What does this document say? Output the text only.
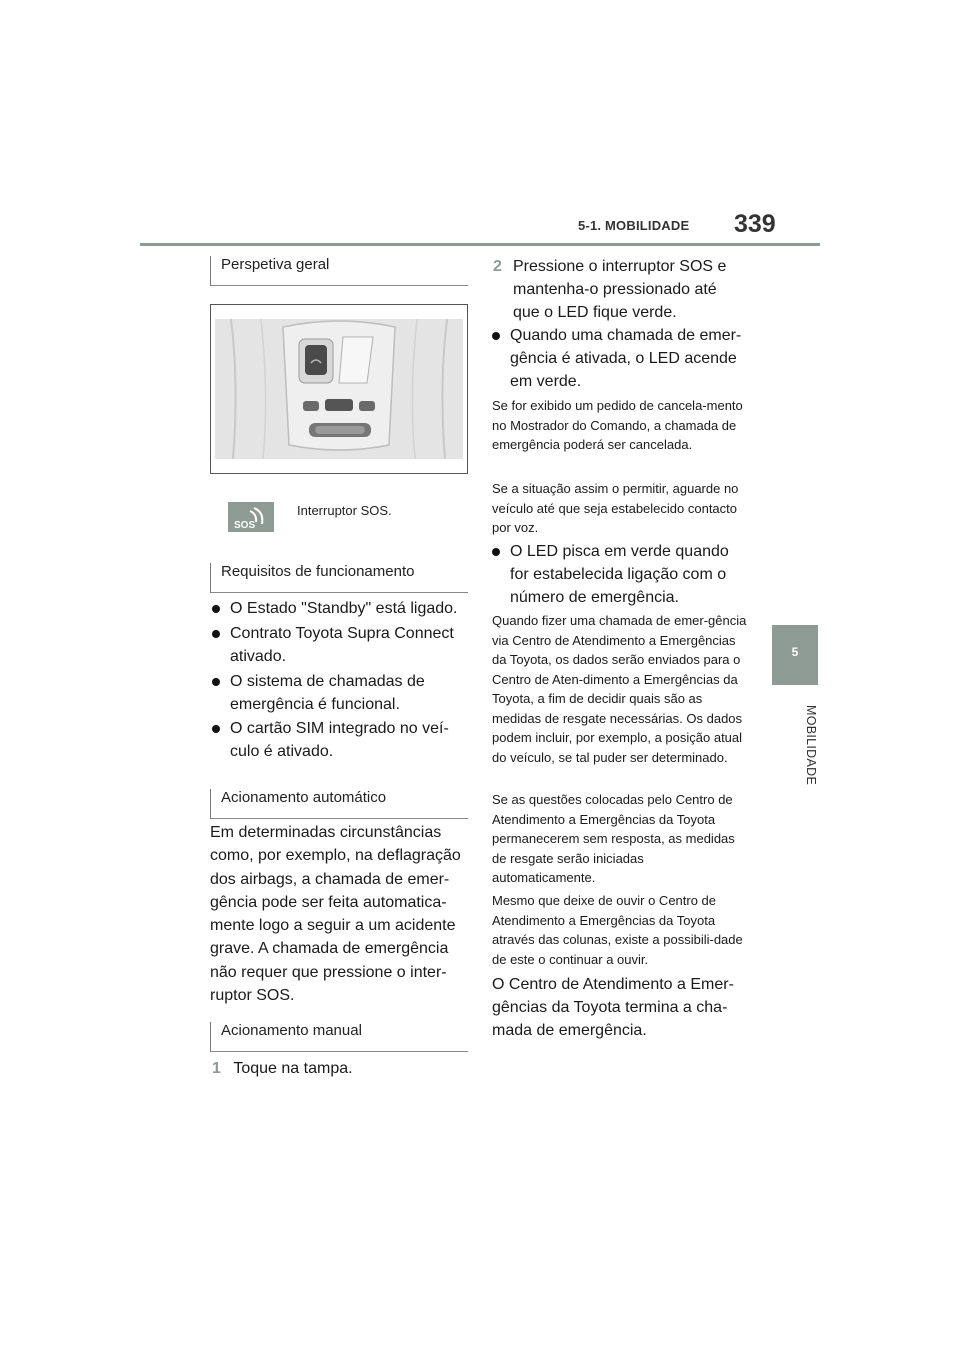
5-1. MOBILIDADE 339
5
MOBILIDADE
Perspetiva geral
SOS
Interruptor SOS.
Requisitos de funcionamento
O Estado "Standby" está ligado.
Contrato Toyota Supra Connect ativado.
O sistema de chamadas de emergência é funcional.
O cartão SIM integrado no veí-culo é ativado.
Acionamento automático
Em determinadas circunstâncias como, por exemplo, na deflagração dos airbags, a chamada de emer-gência pode ser feita automatica-mente logo a seguir a um acidente grave. A chamada de emergência não requer que pressione o inter-ruptor SOS.
Acionamento manual
1 Toque na tampa.
2 Pressione o interruptor SOS e mantenha-o pressionado até que o LED fique verde.
Quando uma chamada de emer-gência é ativada, o LED acende em verde.
Se for exibido um pedido de cancela-mento no Mostrador do Comando, a chamada de emergência poderá ser cancelada.
Se a situação assim o permitir, aguarde no veículo até que seja estabelecido contacto por voz.
O LED pisca em verde quando for estabelecida ligação com o número de emergência.
Quando fizer uma chamada de emer-gência via Centro de Atendimento a Emergências da Toyota, os dados serão enviados para o Centro de Aten-dimento a Emergências da Toyota, a fim de decidir quais são as medidas de resgate necessárias. Os dados podem incluir, por exemplo, a posição atual do veículo, se tal puder ser determinado.
Se as questões colocadas pelo Centro de Atendimento a Emergências da Toyota permanecerem sem resposta, as medidas de resgate serão iniciadas automaticamente.
Mesmo que deixe de ouvir o Centro de Atendimento a Emergências da Toyota através das colunas, existe a possibili-dade de este o continuar a ouvir.
O Centro de Atendimento a Emer-gências da Toyota termina a cha-mada de emergência.
